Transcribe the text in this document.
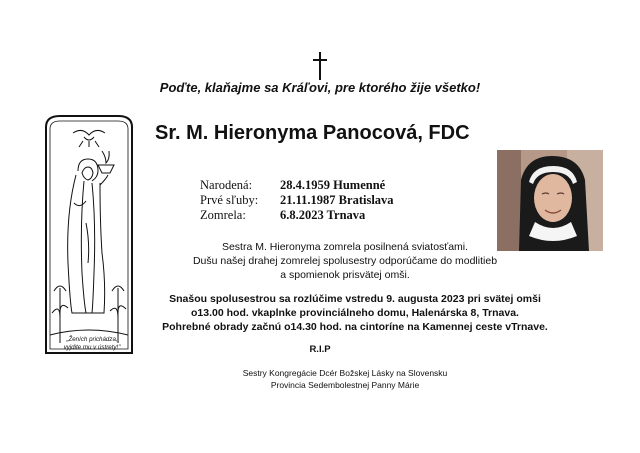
Poďte, klaňajme sa Kráľovi, pre ktorého žije všetko!
Sr. M. Hieronyma Panocová, FDC
„Ženích prichádza,
vyjdite mu v ústrety!"
Narodená:	28.4.1959 Humenné
Prvé sľuby:	21.11.1987 Bratislava
Zomrela:	6.8.2023 Trnava
Sestra M. Hieronyma zomrela posilnená sviatosťami.
Dušu našej drahej zomrelej spolusestry odporúčame do modlitieb
a spomienok prisvätej omši.
Snašou spolusestrou sa rozlúčime vstredu 9. augusta 2023 pri svätej omši
o13.00 hod. vkaplnke provinciálneho domu, Halenárska 8, Trnava.
Pohrebné obrady začnú o14.30 hod. na cintoríne na Kamennej ceste vTrnave.
R.I.P
Sestry Kongregácie Dcér Božskej Lásky na Slovensku
Provincia Sedembolestnej Panny Márie
